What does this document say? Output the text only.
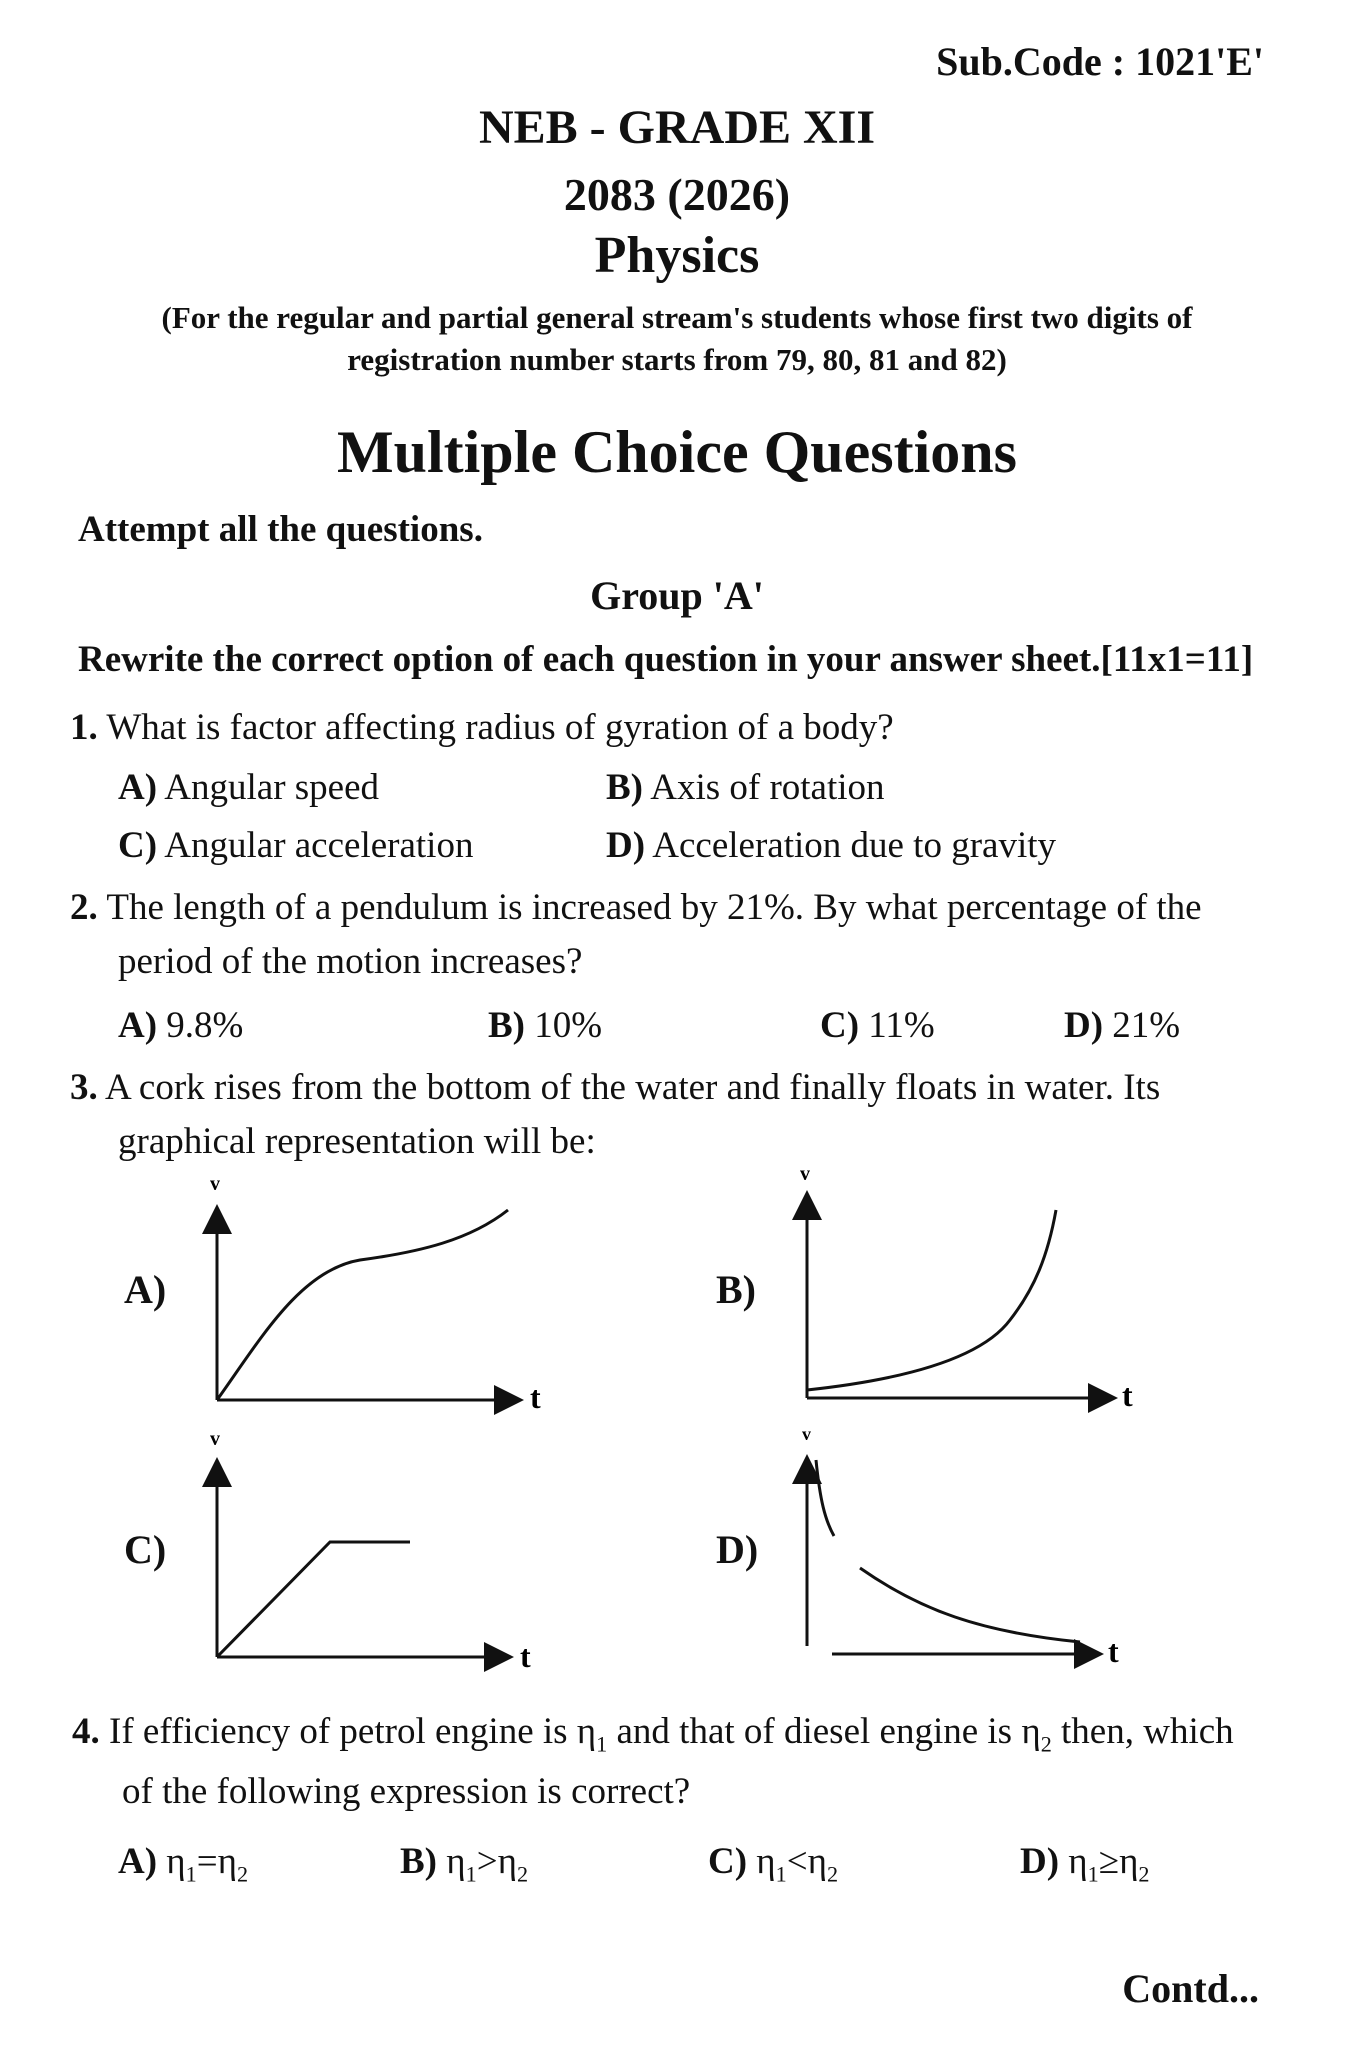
Sub.Code : 1021'E'
NEB - GRADE XII
2083 (2026)
Physics
(For the regular and partial general stream's students whose first two digits of
registration number starts from 79, 80, 81 and 82)
Multiple Choice Questions
Attempt all the questions.
Group 'A'
Rewrite the correct option of each question in your answer sheet.[11x1=11]
1. What is factor affecting radius of gyration of a body?
A) Angular speed	B) Axis of rotation
C) Angular acceleration	D) Acceleration due to gravity
2. The length of a pendulum is increased by 21%. By what percentage of the
period of the motion increases?
A) 9.8%	B) 10%	C) 11%	D) 21%
3. A cork rises from the bottom of the water and finally floats in water. Its
graphical representation will be:
A)
v
t
B)
v
t
C)
v
t
D)
v
t
4. If efficiency of petrol engine is $\eta_1$ and that of diesel engine is $\eta_2$ then, which
of the following expression is correct?
A) $\eta_1=\eta_2$	B) $\eta_1>\eta_2$	C) $\eta_1<\eta_2$	D) $\eta_1\ge\eta_2$
Contd...
